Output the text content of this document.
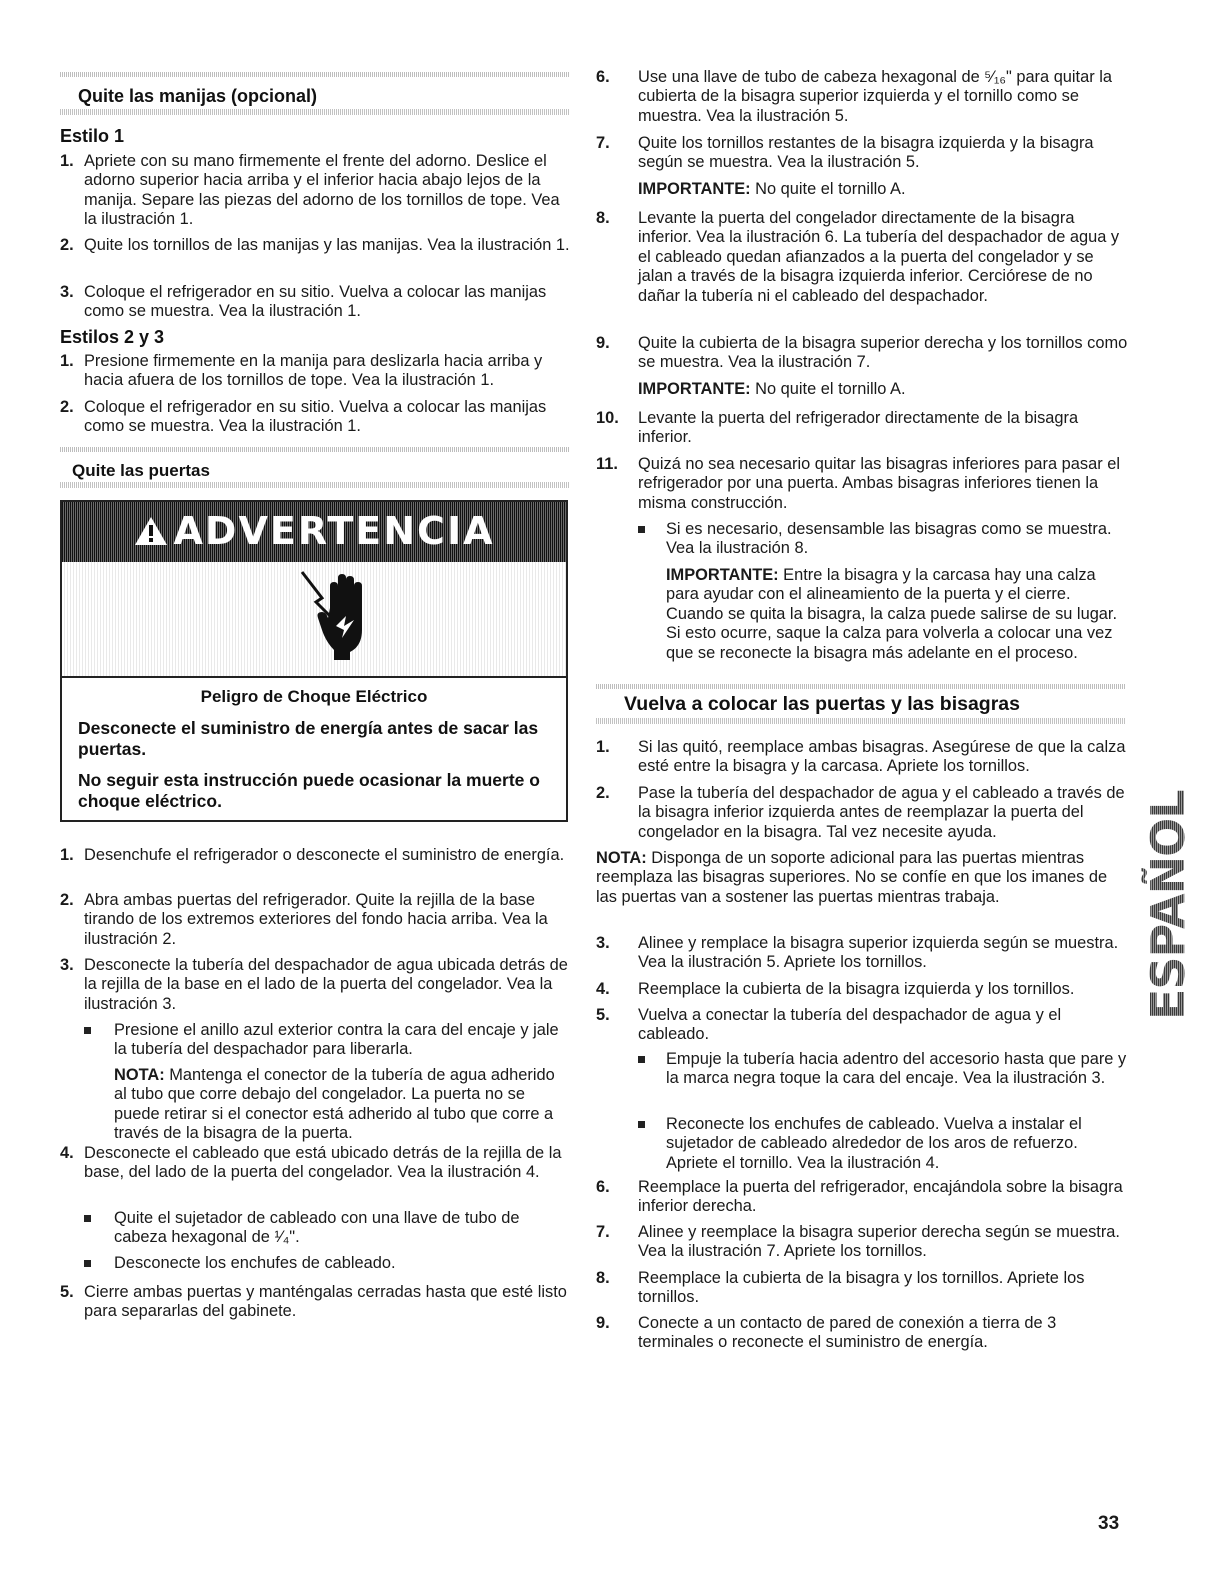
Quite las manijas (opcional)
Estilo 1
1. Apriete con su mano firmemente el frente del adorno. Deslice el adorno superior hacia arriba y el inferior hacia abajo lejos de la manija. Separe las piezas del adorno de los tornillos de tope. Vea la ilustración 1.
2. Quite los tornillos de las manijas y las manijas. Vea la ilustración 1.
3. Coloque el refrigerador en su sitio. Vuelva a colocar las manijas como se muestra. Vea la ilustración 1.
Estilos 2 y 3
1. Presione firmemente en la manija para deslizarla hacia arriba y hacia afuera de los tornillos de tope. Vea la ilustración 1.
2. Coloque el refrigerador en su sitio. Vuelva a colocar las manijas como se muestra. Vea la ilustración 1.
Quite las puertas
ADVERTENCIA
Peligro de Choque Eléctrico
Desconecte el suministro de energía antes de sacar las puertas.
No seguir esta instrucción puede ocasionar la muerte o choque eléctrico.
1. Desenchufe el refrigerador o desconecte el suministro de energía.
2. Abra ambas puertas del refrigerador. Quite la rejilla de la base tirando de los extremos exteriores del fondo hacia arriba. Vea la ilustración 2.
3. Desconecte la tubería del despachador de agua ubicada detrás de la rejilla de la base en el lado de la puerta del congelador. Vea la ilustración 3.
Presione el anillo azul exterior contra la cara del encaje y jale la tubería del despachador para liberarla.
NOTA: Mantenga el conector de la tubería de agua adherido al tubo que corre debajo del congelador. La puerta no se puede retirar si el conector está adherido al tubo que corre a través de la bisagra de la puerta.
4. Desconecte el cableado que está ubicado detrás de la rejilla de la base, del lado de la puerta del congelador. Vea la ilustración 4.
Quite el sujetador de cableado con una llave de tubo de cabeza hexagonal de ¹⁄₄".
Desconecte los enchufes de cableado.
5. Cierre ambas puertas y manténgalas cerradas hasta que esté listo para separarlas del gabinete.
6.	Use una llave de tubo de cabeza hexagonal de ⁵⁄₁₆" para quitar la cubierta de la bisagra superior izquierda y el tornillo como se muestra. Vea la ilustración 5.
7.	Quite los tornillos restantes de la bisagra izquierda y la bisagra según se muestra. Vea la ilustración 5.
IMPORTANTE: No quite el tornillo A.
8.	Levante la puerta del congelador directamente de la bisagra inferior. Vea la ilustración 6. La tubería del despachador de agua y el cableado quedan afianzados a la puerta del congelador y se jalan a través de la bisagra izquierda inferior. Cerciórese de no dañar la tubería ni el cableado del despachador.
9.	Quite la cubierta de la bisagra superior derecha y los tornillos como se muestra. Vea la ilustración 7.
IMPORTANTE: No quite el tornillo A.
10.	Levante la puerta del refrigerador directamente de la bisagra inferior.
11.	Quizá no sea necesario quitar las bisagras inferiores para pasar el refrigerador por una puerta. Ambas bisagras inferiores tienen la misma construcción.
Si es necesario, desensamble las bisagras como se muestra. Vea la ilustración 8.
IMPORTANTE: Entre la bisagra y la carcasa hay una calza para ayudar con el alineamiento de la puerta y el cierre. Cuando se quita la bisagra, la calza puede salirse de su lugar. Si esto ocurre, saque la calza para volverla a colocar una vez que se reconecte la bisagra más adelante en el proceso.
Vuelva a colocar las puertas y las bisagras
1.	Si las quitó, reemplace ambas bisagras. Asegúrese de que la calza esté entre la bisagra y la carcasa. Apriete los tornillos.
2.	Pase la tubería del despachador de agua y el cableado a través de la bisagra inferior izquierda antes de reemplazar la puerta del congelador en la bisagra. Tal vez necesite ayuda.
NOTA: Disponga de un soporte adicional para las puertas mientras reemplaza las bisagras superiores. No se confíe en que los imanes de las puertas van a sostener las puertas mientras trabaja.
3.	Alinee y remplace la bisagra superior izquierda según se muestra. Vea la ilustración 5. Apriete los tornillos.
4.	Reemplace la cubierta de la bisagra izquierda y los tornillos.
5.	Vuelva a conectar la tubería del despachador de agua y el cableado.
Empuje la tubería hacia adentro del accesorio hasta que pare y la marca negra toque la cara del encaje. Vea la ilustración 3.
Reconecte los enchufes de cableado. Vuelva a instalar el sujetador de cableado alrededor de los aros de refuerzo. Apriete el tornillo. Vea la ilustración 4.
6.	Reemplace la puerta del refrigerador, encajándola sobre la bisagra inferior derecha.
7.	Alinee y reemplace la bisagra superior derecha según se muestra. Vea la ilustración 7. Apriete los tornillos.
8.	Reemplace la cubierta de la bisagra y los tornillos. Apriete los tornillos.
9.	Conecte a un contacto de pared de conexión a tierra de 3 terminales o reconecte el suministro de energía.
ESPAÑOL
33
